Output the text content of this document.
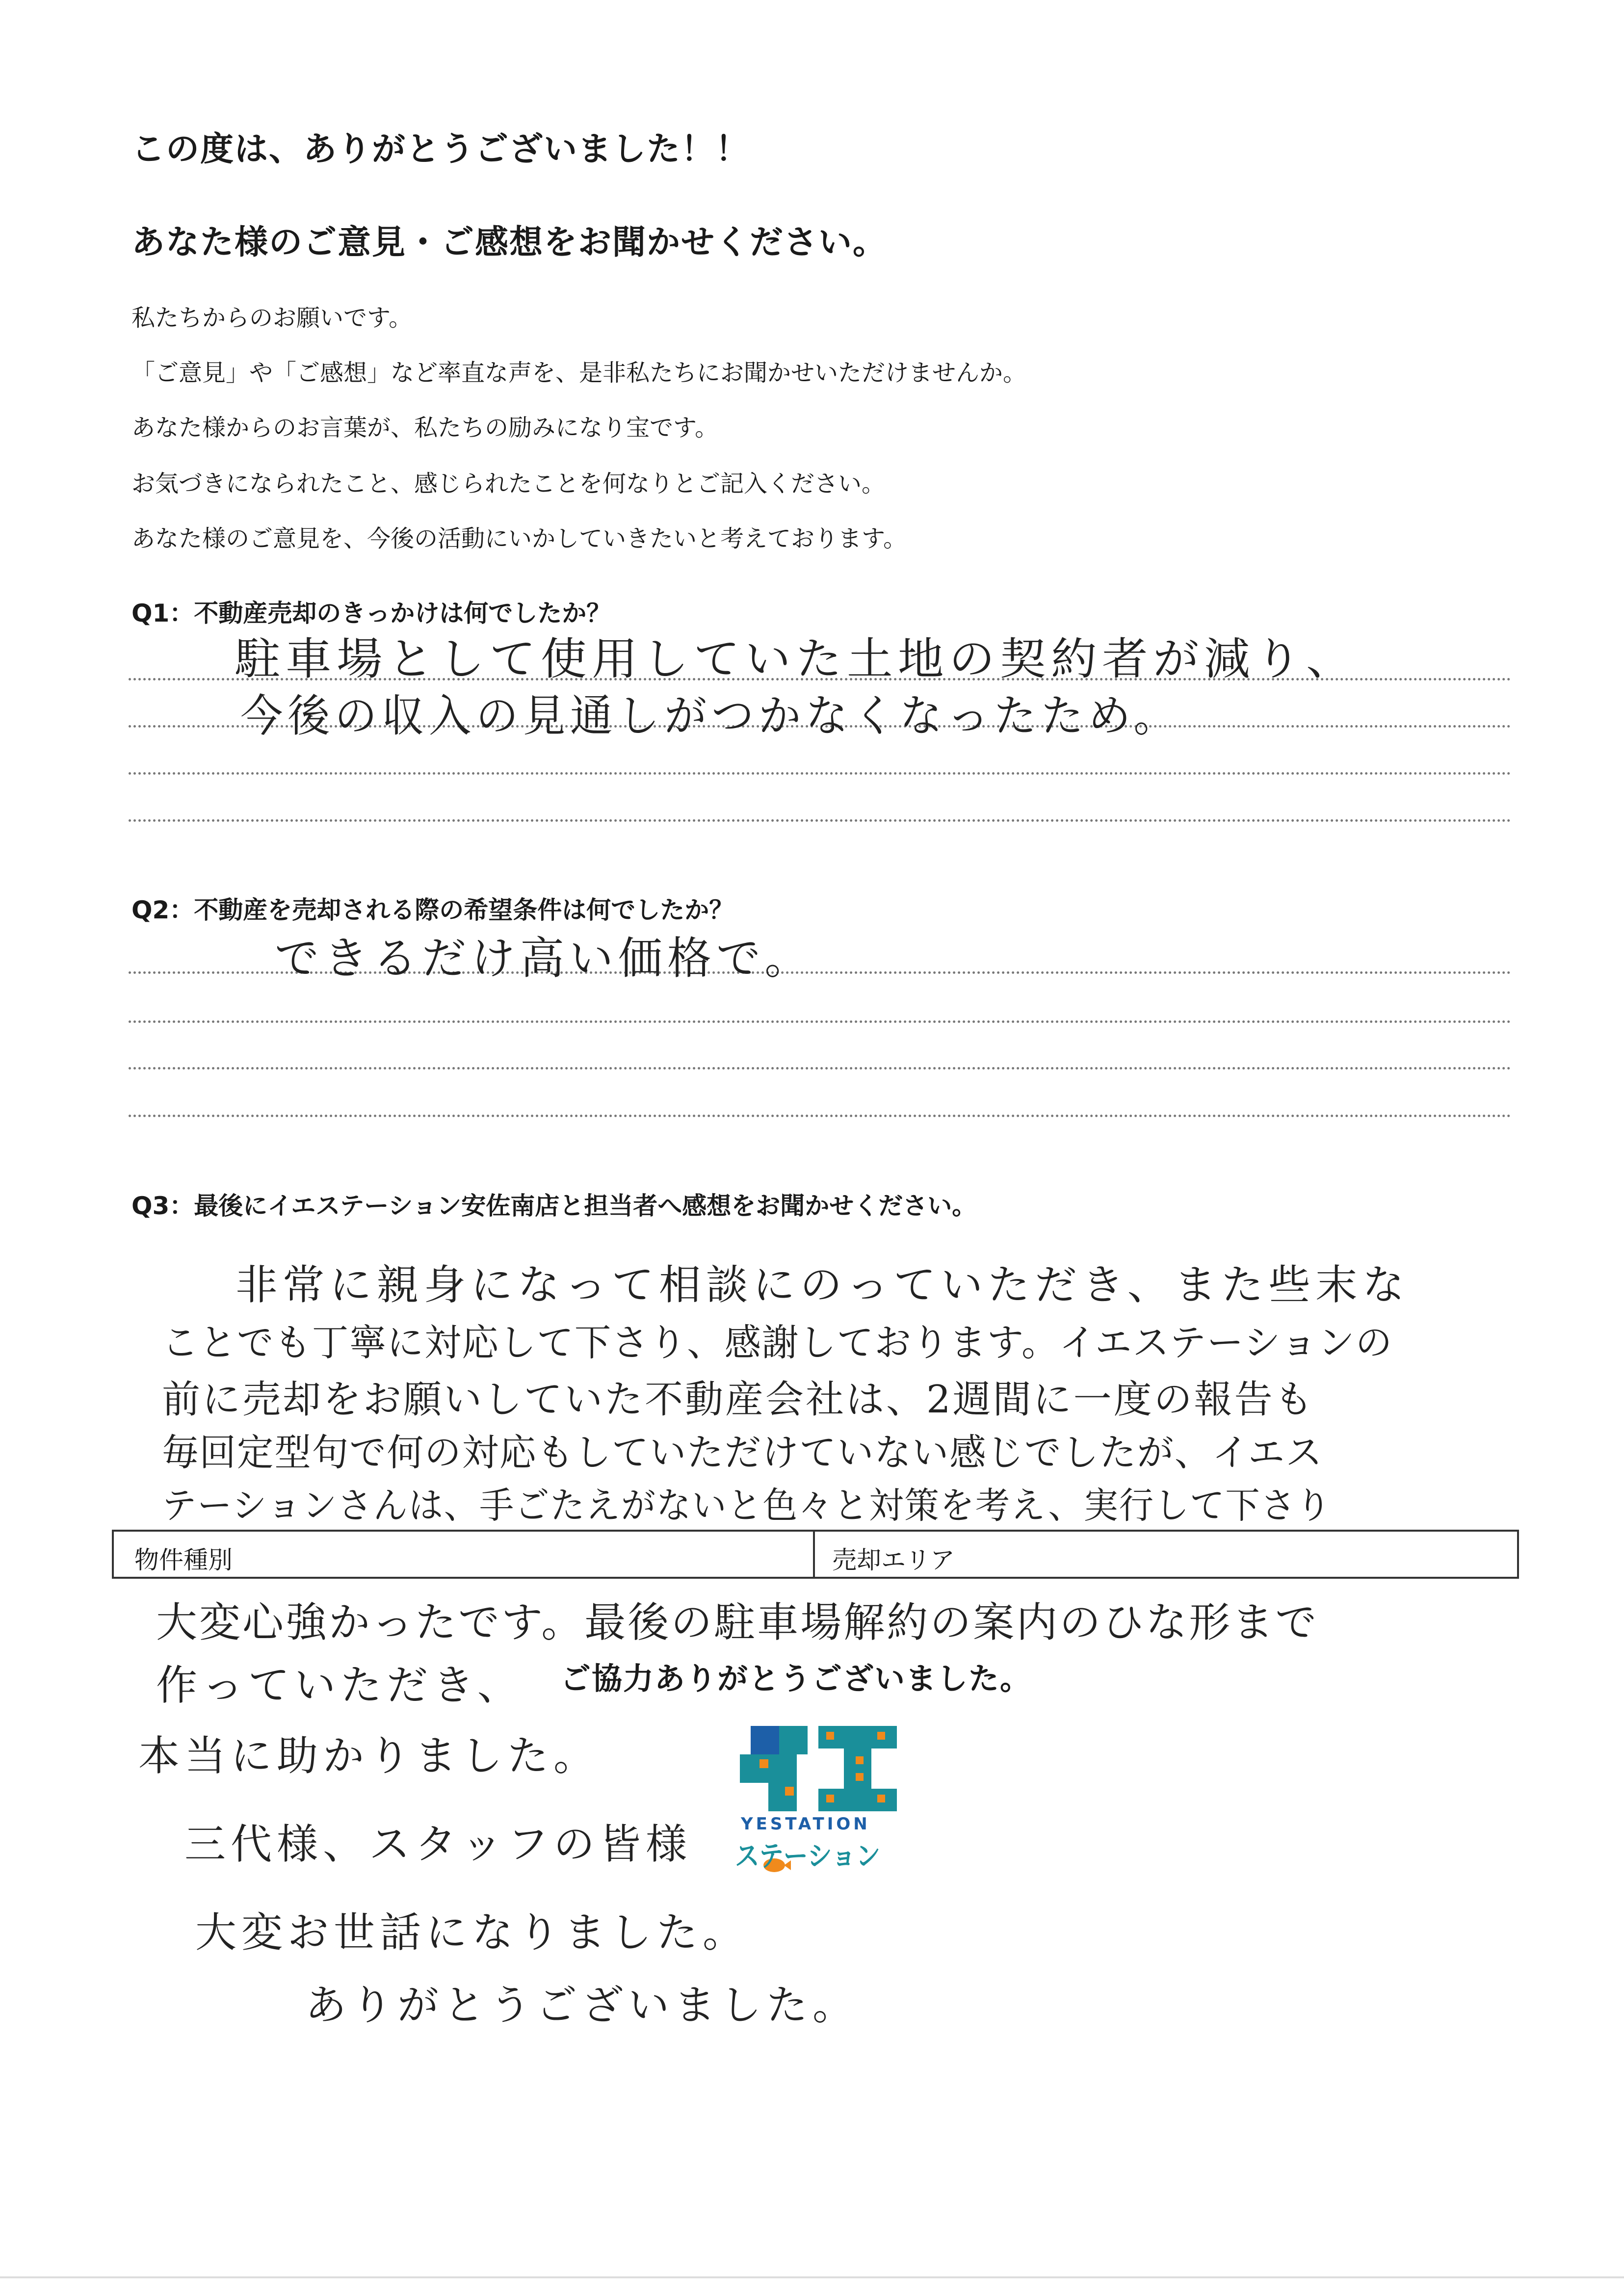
この度は、ありがとうございました！！
あなた様のご意見・ご感想をお聞かせください。
私たちからのお願いです。
「ご意見」や「ご感想」など率直な声を、是非私たちにお聞かせいただけませんか。
あなた様からのお言葉が、私たちの励みになり宝です。
お気づきになられたこと、感じられたことを何なりとご記入ください。
あなた様のご意見を、今後の活動にいかしていきたいと考えております。
Q1：不動産売却のきっかけは何でしたか？
駐車場として使用していた土地の契約者が減り、
今後の収入の見通しがつかなくなったため。
Q2：不動産を売却される際の希望条件は何でしたか？
できるだけ高い価格で。
Q3：最後にイエステーション安佐南店と担当者へ感想をお聞かせください。
非常に親身になって相談にのっていただき、また些末な
ことでも丁寧に対応して下さり、感謝しております。イエステーションの
前に売却をお願いしていた不動産会社は、2週間に一度の報告も
毎回定型句で何の対応もしていただけていない感じでしたが、イエス
テーションさんは、手ごたえがないと色々と対策を考え、実行して下さり
物件種別	売却エリア
大変心強かったです。最後の駐車場解約の案内のひな形まで
作っていただき、 ご協力ありがとうございました。
本当に助かりました。
三代様、スタッフの皆様
大変お世話になりました。
ありがとうございました。
YESTATION
ステーション
